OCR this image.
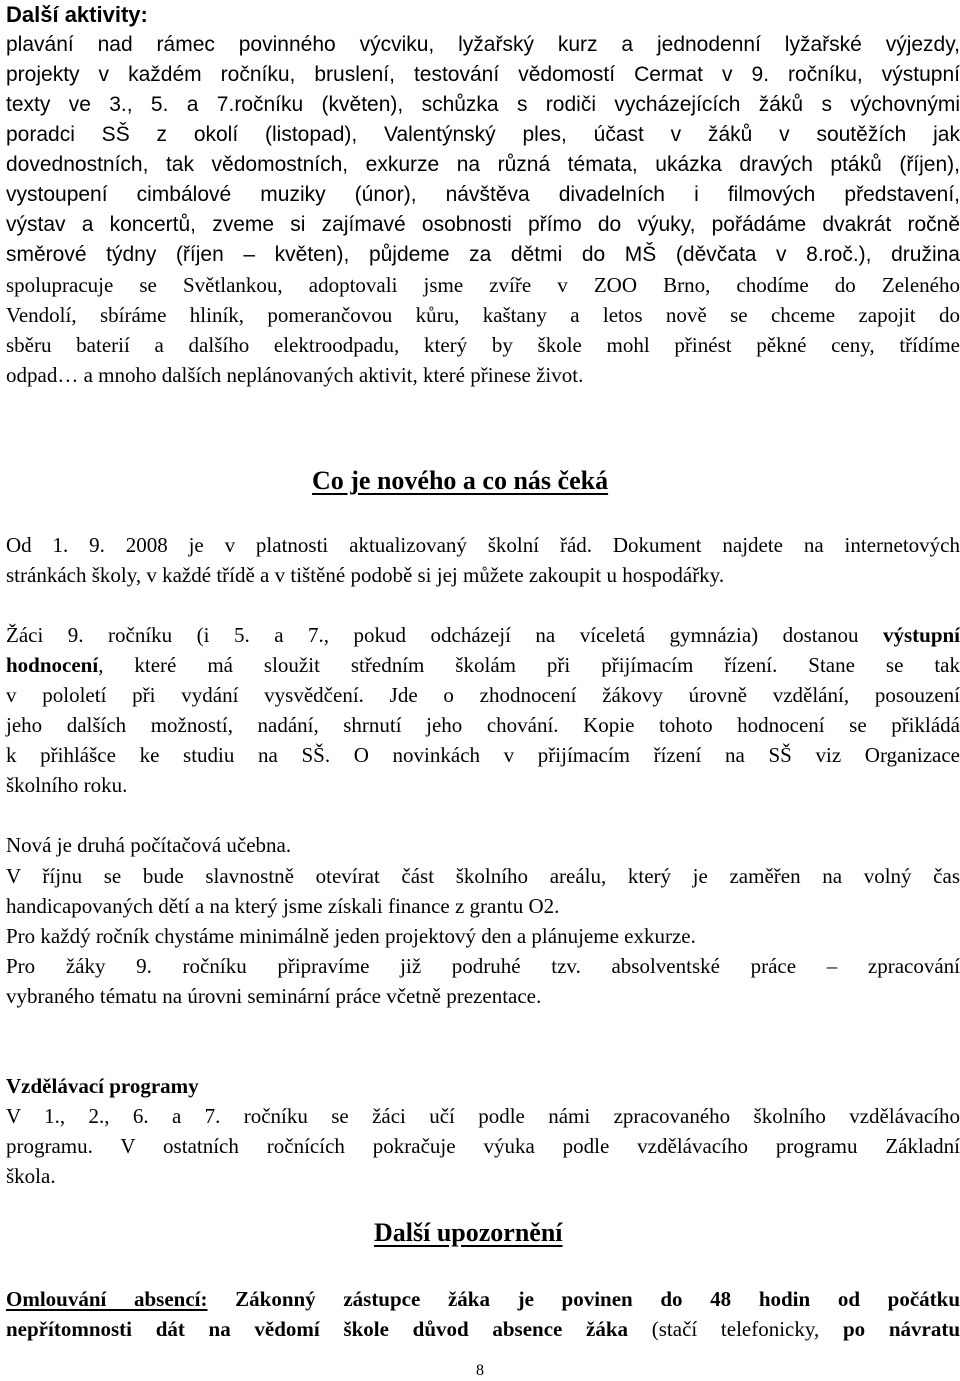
Další aktivity:
plavání nad rámec povinného výcviku, lyžařský kurz a jednodenní lyžařské výjezdy,
projekty v každém ročníku, bruslení, testování vědomostí Cermat v 9. ročníku, výstupní
texty ve 3., 5. a 7.ročníku (květen), schůzka s rodiči vycházejících žáků s výchovnými
poradci SŠ z okolí (listopad), Valentýnský ples, účast v žáků v soutěžích jak
dovednostních, tak vědomostních, exkurze na různá témata, ukázka dravých ptáků (říjen),
vystoupení cimbálové muziky (únor), návštěva divadelních i filmových představení,
výstav a koncertů, zveme si zajímavé osobnosti přímo do výuky, pořádáme dvakrát ročně
směrové týdny (říjen – květen), půjdeme za dětmi do MŠ (děvčata v 8.roč.), družina
spolupracuje se Světlankou, adoptovali jsme zvíře v ZOO Brno, chodíme do Zeleného
Vendolí, sbíráme hliník, pomerančovou kůru, kaštany a letos nově se chceme zapojit do
sběru baterií a dalšího elektroodpadu, který by škole mohl přinést pěkné ceny, třídíme
odpad… a mnoho dalších neplánovaných aktivit, které přinese život.
Co je nového a co nás čeká
Od 1. 9. 2008 je v platnosti aktualizovaný školní řád. Dokument najdete na internetových
stránkách školy, v každé třídě a v tištěné podobě si jej můžete zakoupit u hospodářky.
Žáci 9. ročníku (i 5. a 7., pokud odcházejí na víceletá gymnázia) dostanou výstupní
hodnocení, které má sloužit středním školám při přijímacím řízení. Stane se tak
v pololetí při vydání vysvědčení. Jde o zhodnocení žákovy úrovně vzdělání, posouzení
jeho dalších možností, nadání, shrnutí jeho chování. Kopie tohoto hodnocení se přikládá
k přihlášce ke studiu na SŠ. O novinkách v přijímacím řízení na SŠ viz Organizace
školního roku.
Nová je druhá počítačová učebna.
V říjnu se bude slavnostně otevírat část školního areálu, který je zaměřen na volný čas
handicapovaných dětí a na který jsme získali finance z grantu O2.
Pro každý ročník chystáme minimálně jeden projektový den a plánujeme exkurze.
Pro žáky 9. ročníku připravíme již podruhé tzv. absolventské práce – zpracování
vybraného tématu na úrovni seminární práce včetně prezentace.
Vzdělávací programy
V 1., 2., 6. a 7. ročníku se žáci učí podle námi zpracovaného školního vzdělávacího
programu. V ostatních ročnících pokračuje výuka podle vzdělávacího programu Základní
škola.
Další upozornění
Omlouvání absencí: Zákonný zástupce žáka je povinen do 48 hodin od počátku
nepřítomnosti dát na vědomí škole důvod absence žáka (stačí telefonicky, po návratu
8
